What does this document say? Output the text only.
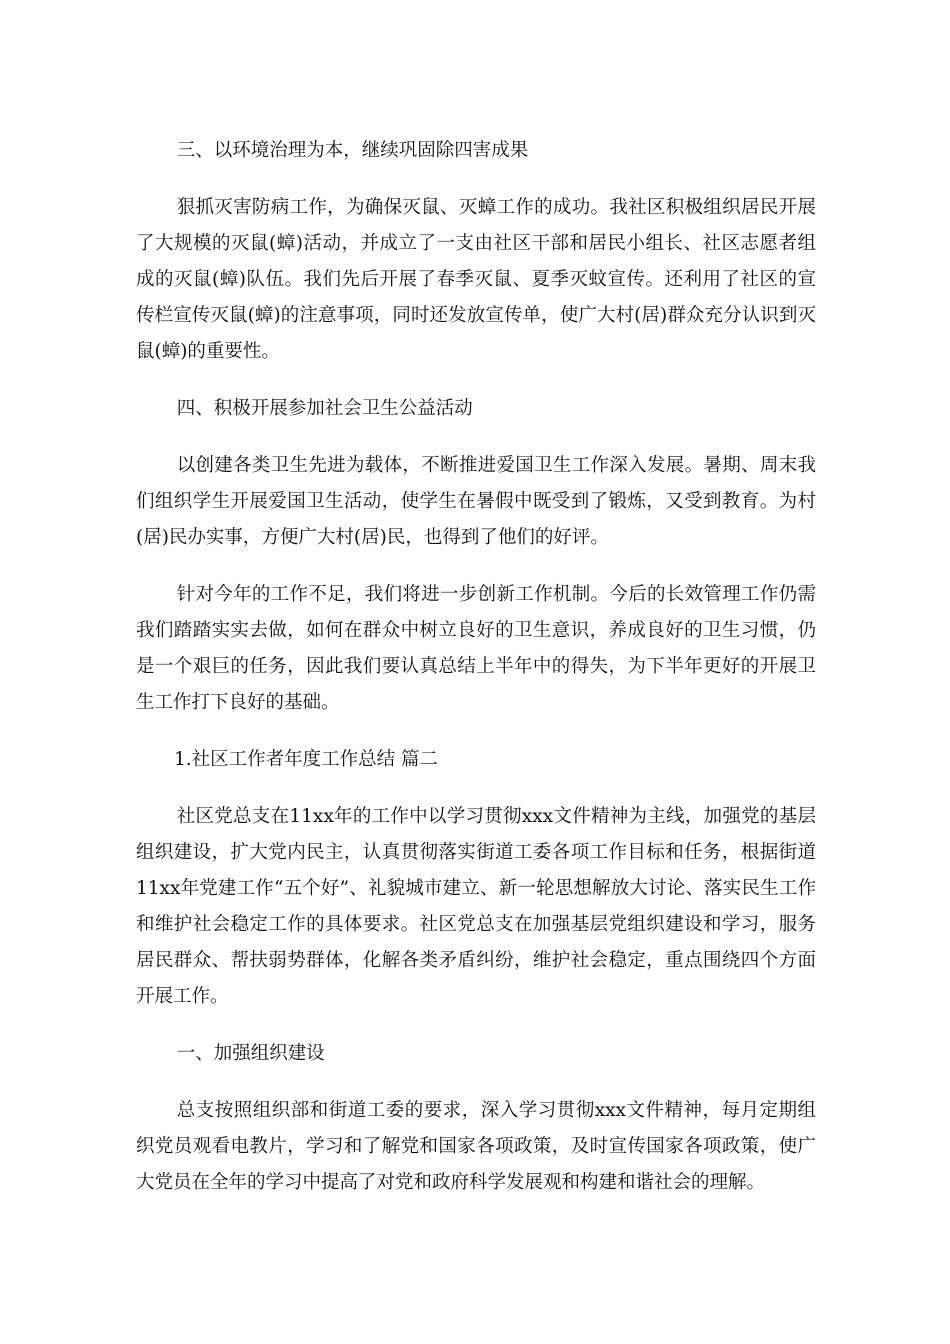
三、以环境治理为本，继续巩固除四害成果

狠抓灭害防病工作，为确保灭鼠、灭蟑工作的成功。我社区积极组织居民开展了大规模的灭鼠(蟑)活动，并成立了一支由社区干部和居民小组长、社区志愿者组成的灭鼠(蟑)队伍。我们先后开展了春季灭鼠、夏季灭蚊宣传。还利用了社区的宣传栏宣传灭鼠(蟑)的注意事项，同时还发放宣传单，使广大村(居)群众充分认识到灭鼠(蟑)的重要性。

四、积极开展参加社会卫生公益活动

以创建各类卫生先进为载体，不断推进爱国卫生工作深入发展。暑期、周末我们组织学生开展爱国卫生活动，使学生在暑假中既受到了锻炼，又受到教育。为村(居)民办实事，方便广大村(居)民，也得到了他们的好评。

针对今年的工作不足，我们将进一步创新工作机制。今后的长效管理工作仍需我们踏踏实实去做，如何在群众中树立良好的卫生意识，养成良好的卫生习惯，仍是一个艰巨的任务，因此我们要认真总结上半年中的得失，为下半年更好的开展卫生工作打下良好的基础。

1.社区工作者年度工作总结 篇二

社区党总支在11xx年的工作中以学习贯彻xxx文件精神为主线，加强党的基层组织建设，扩大党内民主，认真贯彻落实街道工委各项工作目标和任务，根据街道11xx年党建工作“五个好”、礼貌城市建立、新一轮思想解放大讨论、落实民生工作和维护社会稳定工作的具体要求。社区党总支在加强基层党组织建设和学习，服务居民群众、帮扶弱势群体，化解各类矛盾纠纷，维护社会稳定，重点围绕四个方面开展工作。

一、加强组织建设

总支按照组织部和街道工委的要求，深入学习贯彻xxx文件精神，每月定期组织党员观看电教片，学习和了解党和国家各项政策，及时宣传国家各项政策，使广大党员在全年的学习中提高了对党和政府科学发展观和构建和谐社会的理解。
